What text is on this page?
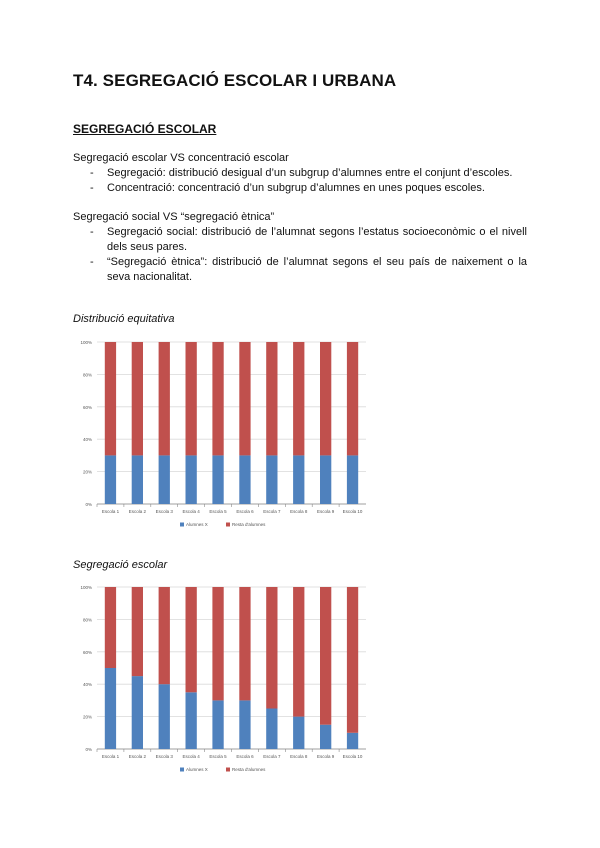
T4. SEGREGACIÓ ESCOLAR I URBANA
SEGREGACIÓ ESCOLAR
Segregació escolar VS concentració escolar
- Segregació: distribució desigual d’un subgrup d’alumnes entre el conjunt d’escoles.
- Concentració: concentració d’un subgrup d’alumnes en unes poques escoles.
Segregació social VS “segregació ètnica”
- Segregació social: distribució de l’alumnat segons l’estatus socioeconòmic o el nivell dels seus pares.
- “Segregació ètnica”: distribució de l’alumnat segons el seu país de naixement o la seva nacionalitat.
Distribució equitativa
0%
20%
40%
60%
80%
100%
Escola 1 Escola 2 Escola 3 Escola 4 Escola 5 Escola 6 Escola 7 Escola 8 Escola 9 Escola 10
Alumnes X	Resta d'alumnes
Segregació escolar
0%
20%
40%
60%
80%
100%
Escola 1 Escola 2 Escola 3 Escola 4 Escola 5 Escola 6 Escola 7 Escola 8 Escola 9 Escola 10
Alumnes X	Resta d'alumnes
